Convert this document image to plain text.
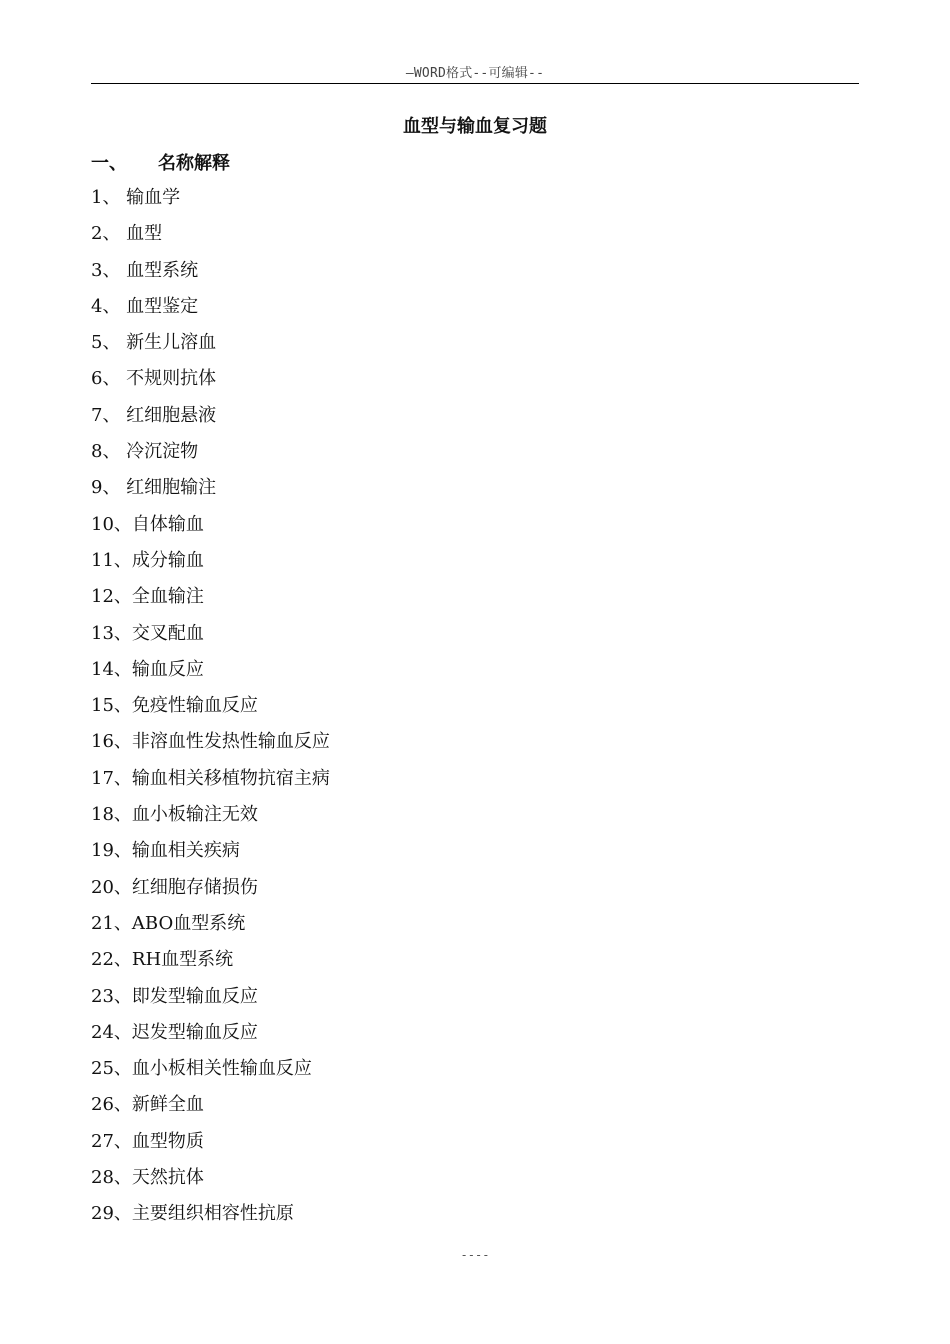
—WORD格式--可编辑--
血型与输血复习题
一、	名称解释
1、 输血学
2、 血型
3、 血型系统
4、 血型鉴定
5、 新生儿溶血
6、 不规则抗体
7、 红细胞悬液
8、 冷沉淀物
9、 红细胞输注
10、自体输血
11、成分输血
12、全血输注
13、交叉配血
14、输血反应
15、免疫性输血反应
16、非溶血性发热性输血反应
17、输血相关移植物抗宿主病
18、血小板输注无效
19、输血相关疾病
20、红细胞存储损伤
21、ABO血型系统
22、RH血型系统
23、即发型输血反应
24、迟发型输血反应
25、血小板相关性输血反应
26、新鲜全血
27、血型物质
28、天然抗体
29、主要组织相容性抗原
----
